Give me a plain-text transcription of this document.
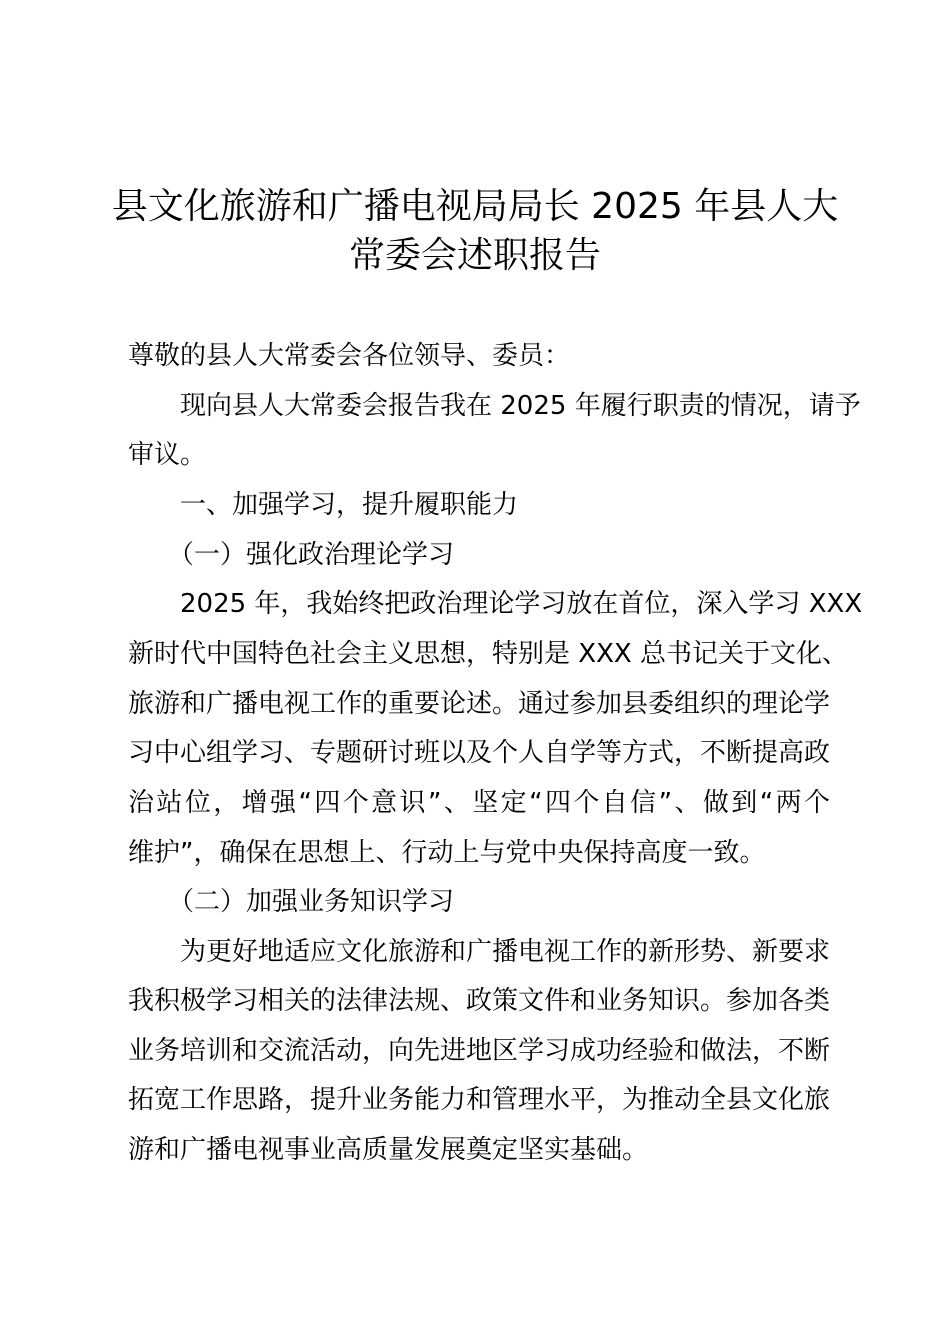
县文化旅游和广播电视局局长 2025 年县人大
常委会述职报告
尊敬的县人大常委会各位领导、委员：
现向县人大常委会报告我在 2025 年履行职责的情况，请予
审议。
一、加强学习，提升履职能力
（一）强化政治理论学习
2025 年，我始终把政治理论学习放在首位，深入学习 XXX
新时代中国特色社会主义思想，特别是 XXX 总书记关于文化、
旅游和广播电视工作的重要论述。通过参加县委组织的理论学
习中心组学习、专题研讨班以及个人自学等方式，不断提高政
治站位，增强“四个意识”、坚定“四个自信”、做到“两个
维护”，确保在思想上、行动上与党中央保持高度一致。
（二）加强业务知识学习
为更好地适应文化旅游和广播电视工作的新形势、新要求
我积极学习相关的法律法规、政策文件和业务知识。参加各类
业务培训和交流活动，向先进地区学习成功经验和做法，不断
拓宽工作思路，提升业务能力和管理水平，为推动全县文化旅
游和广播电视事业高质量发展奠定坚实基础。
